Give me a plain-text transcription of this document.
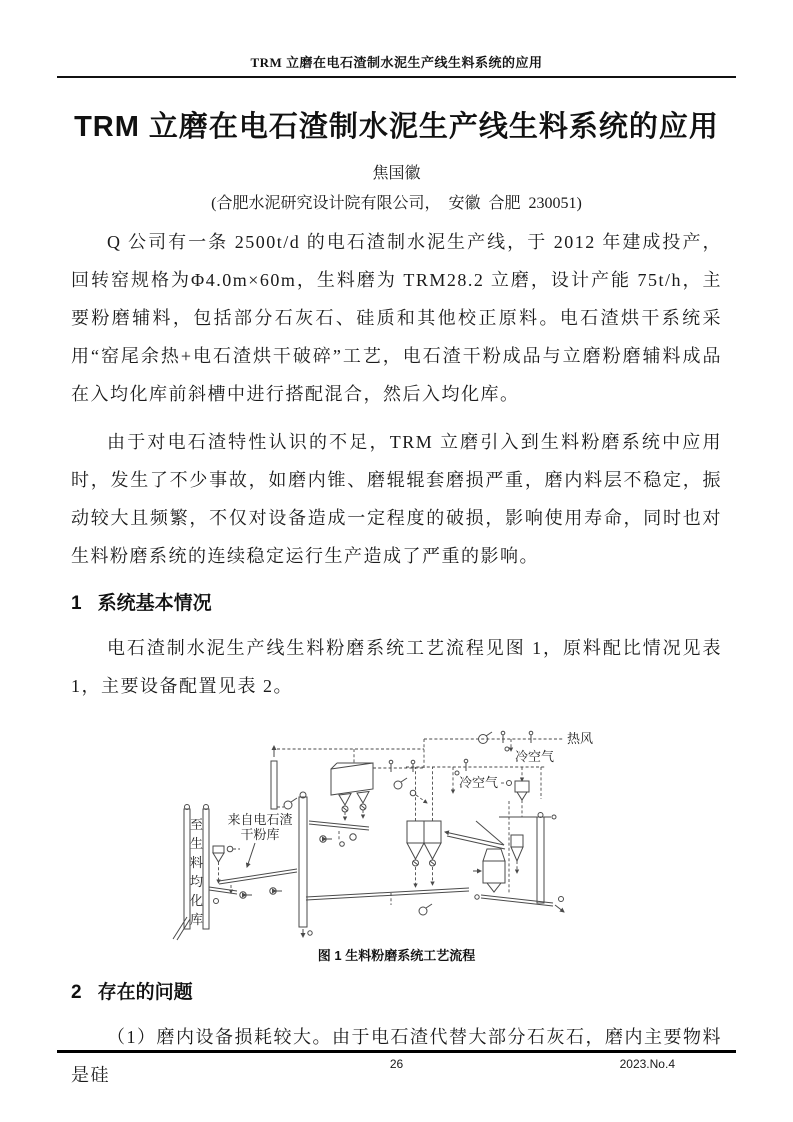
TRM 立磨在电石渣制水泥生产线生料系统的应用
TRM 立磨在电石渣制水泥生产线生料系统的应用
焦国徽
(合肥水泥研究设计院有限公司，  安徽  合肥  230051)

Q 公司有一条 2500t/d 的电石渣制水泥生产线，于 2012 年建成投产，回转窑规格为Φ4.0m×60m，生料磨为 TRM28.2 立磨，设计产能 75t/h，主要粉磨辅料，包括部分石灰石、硅质和其他校正原料。电石渣烘干系统采用“窑尾余热+电石渣烘干破碎”工艺，电石渣干粉成品与立磨粉磨辅料成品在入均化库前斜槽中进行搭配混合，然后入均化库。

由于对电石渣特性认识的不足，TRM 立磨引入到生料粉磨系统中应用时，发生了不少事故，如磨内锥、磨辊辊套磨损严重，磨内料层不稳定，振动较大且频繁，不仅对设备造成一定程度的破损，影响使用寿命，同时也对生料粉磨系统的连续稳定运行生产造成了严重的影响。

1 系统基本情况

电石渣制水泥生产线生料粉磨系统工艺流程见图 1，原料配比情况见表 1，主要设备配置见表 2。

至
生
料
均
化
库
来自电石渣
干粉库
热风
冷空气
冷空气
图 1 生料粉磨系统工艺流程
2 存在的问题

（1）磨内设备损耗较大。由于电石渣代替大部分石灰石，磨内主要物料是硅

26	2023.No.4
